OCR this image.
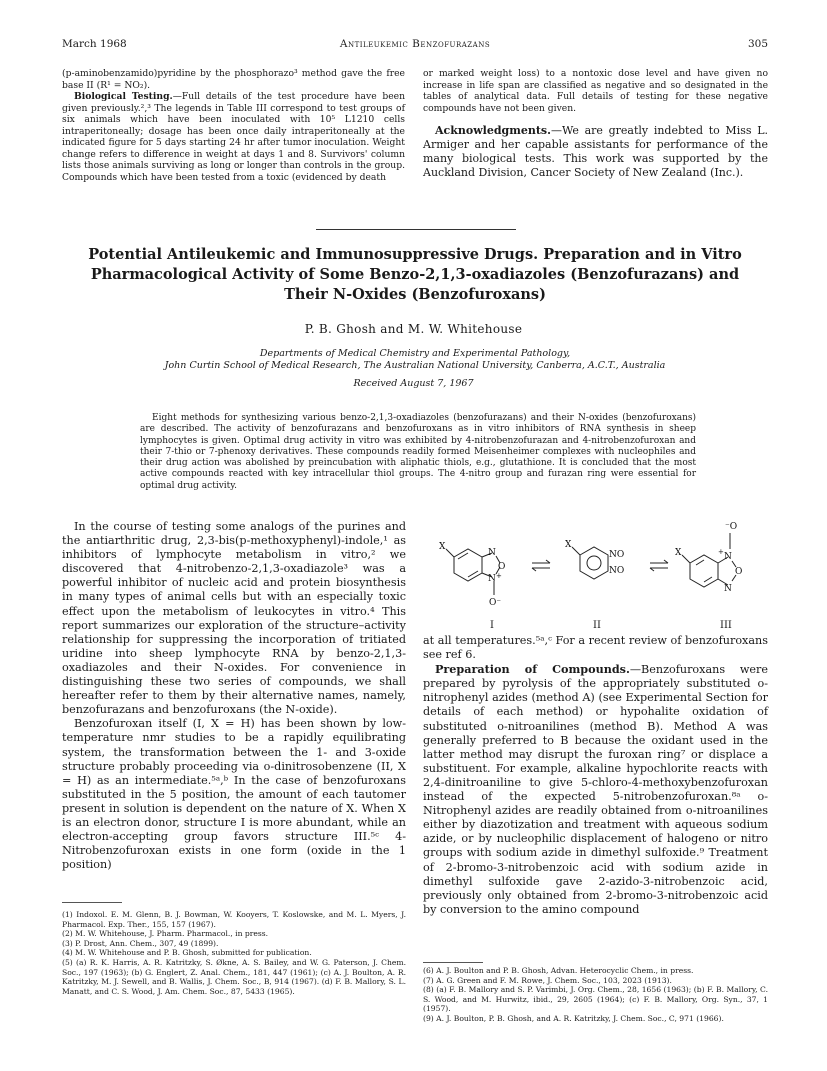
March 1968	Antileukemic Benzofurazans	305

(p-aminobenzamido)pyridine by the phosphorazo³ method gave the free base II (R¹ = NO₂).

Biological Testing.—Full details of the test procedure have been given previously.²,³ The legends in Table III correspond to test groups of six animals which have been inoculated with 10⁵ L1210 cells intraperitoneally; dosage has been once daily intraperitoneally at the indicated figure for 5 days starting 24 hr after tumor inoculation. Weight change refers to difference in weight at days 1 and 8. Survivors' column lists those animals surviving as long or longer than controls in the group. Compounds which have been tested from a toxic (evidenced by death

or marked weight loss) to a nontoxic dose level and have given no increase in life span are classified as negative and so designated in the tables of analytical data. Full details of testing for these negative compounds have not been given.

Acknowledgments.—We are greatly indebted to Miss L. Armiger and her capable assistants for performance of the many biological tests. This work was supported by the Auckland Division, Cancer Society of New Zealand (Inc.).

Potential Antileukemic and Immunosuppressive Drugs. Preparation and in Vitro
Pharmacological Activity of Some Benzo-2,1,3-oxadiazoles (Benzofurazans) and
Their N-Oxides (Benzofuroxans)
P. B. Ghosh and M. W. Whitehouse
Departments of Medical Chemistry and Experimental Pathology,
John Curtin School of Medical Research, The Australian National University, Canberra, A.C.T., Australia
Received August 7, 1967

Eight methods for synthesizing various benzo-2,1,3-oxadiazoles (benzofurazans) and their N-oxides (benzofuroxans) are described. The activity of benzofurazans and benzofuroxans as in vitro inhibitors of RNA synthesis in sheep lymphocytes is given. Optimal drug activity in vitro was exhibited by 4-nitrobenzofurazan and 4-nitrobenzofuroxan and their 7-thio or 7-phenoxy derivatives. These compounds readily formed Meisenheimer complexes with nucleophiles and their drug action was abolished by preincubation with aliphatic thiols, e.g., glutathione. It is concluded that the most active compounds reacted with key intracellular thiol groups. The 4-nitro group and furazan ring were essential for optimal drug activity.

In the course of testing some analogs of the purines and the antiarthritic drug, 2,3-bis(p-methoxyphenyl)-indole,¹ as inhibitors of lymphocyte metabolism in vitro,² we discovered that 4-nitrobenzo-2,1,3-oxadiazole³ was a powerful inhibitor of nucleic acid and protein biosynthesis in many types of animal cells but with an especially toxic effect upon the metabolism of leukocytes in vitro.⁴ This report summarizes our exploration of the structure–activity relationship for suppressing the incorporation of tritiated uridine into sheep lymphocyte RNA by benzo-2,1,3-oxadiazoles and their N-oxides. For convenience in distinguishing these two series of compounds, we shall hereafter refer to them by their alternative names, namely, benzofurazans and benzofuroxans (the N-oxide).

Benzofuroxan itself (I, X = H) has been shown by low-temperature nmr studies to be a rapidly equilibrating system, the transformation between the 1- and 3-oxide structure probably proceeding via o-dinitrosobenzene (II, X = H) as an intermediate.⁵ᵃ,ᵇ In the case of benzofuroxans substituted in the 5 position, the amount of each tautomer present in solution is dependent on the nature of X. When X is an electron donor, structure I is more abundant, while an electron-accepting group favors structure III.⁵ᶜ 4-Nitrobenzofuroxan exists in one form (oxide in the 1 position)

(1) Indoxol. E. M. Glenn, B. J. Bowman, W. Kooyers, T. Koslowske, and M. L. Myers, J. Pharmacol. Exp. Ther., 155, 157 (1967).
(2) M. W. Whitehouse, J. Pharm. Pharmacol., in press.
(3) P. Drost, Ann. Chem., 307, 49 (1899).
(4) M. W. Whitehouse and P. B. Ghosh, submitted for publication.
(5) (a) R. K. Harris, A. R. Katritzky, S. Økne, A. S. Bailey, and W. G. Paterson, J. Chem. Soc., 197 (1963); (b) G. Englert, Z. Anal. Chem., 181, 447 (1961); (c) A. J. Boulton, A. R. Katritzky, M. J. Sewell, and B. Wallis, J. Chem. Soc., B, 914 (1967). (d) F. B. Mallory, S. L. Manatt, and C. S. Wood, J. Am. Chem. Soc., 87, 5433 (1965).
X
N
O
N +
O⁻
X
NO
NO
X
⁻O
N
+
O
N
I	II	III

at all temperatures.⁵ᵃ,ᶜ For a recent review of benzofuroxans see ref 6.

Preparation of Compounds.—Benzofuroxans were prepared by pyrolysis of the appropriately substituted o-nitrophenyl azides (method A) (see Experimental Section for details of each method) or hypohalite oxidation of substituted o-nitroanilines (method B). Method A was generally preferred to B because the oxidant used in the latter method may disrupt the furoxan ring⁷ or displace a substituent. For example, alkaline hypochlorite reacts with 2,4-dinitroaniline to give 5-chloro-4-methoxybenzofuroxan instead of the expected 5-nitrobenzofuroxan.⁸ᵃ o-Nitrophenyl azides are readily obtained from o-nitroanilines either by diazotization and treatment with aqueous sodium azide, or by nucleophilic displacement of halogeno or nitro groups with sodium azide in dimethyl sulfoxide.⁹ Treatment of 2-bromo-3-nitrobenzoic acid with sodium azide in dimethyl sulfoxide gave 2-azido-3-nitrobenzoic acid, previously only obtained from 2-bromo-3-nitrobenzoic acid by conversion to the amino compound

(6) A. J. Boulton and P. B. Ghosh, Advan. Heterocyclic Chem., in press.
(7) A. G. Green and F. M. Rowe, J. Chem. Soc., 103, 2023 (1913).
(8) (a) F. B. Mallory and S. P. Varimbi, J. Org. Chem., 28, 1656 (1963); (b) F. B. Mallory, C. S. Wood, and M. Hurwitz, ibid., 29, 2605 (1964); (c) F. B. Mallory, Org. Syn., 37, 1 (1957).
(9) A. J. Boulton, P. B. Ghosh, and A. R. Katritzky, J. Chem. Soc., C, 971 (1966).
